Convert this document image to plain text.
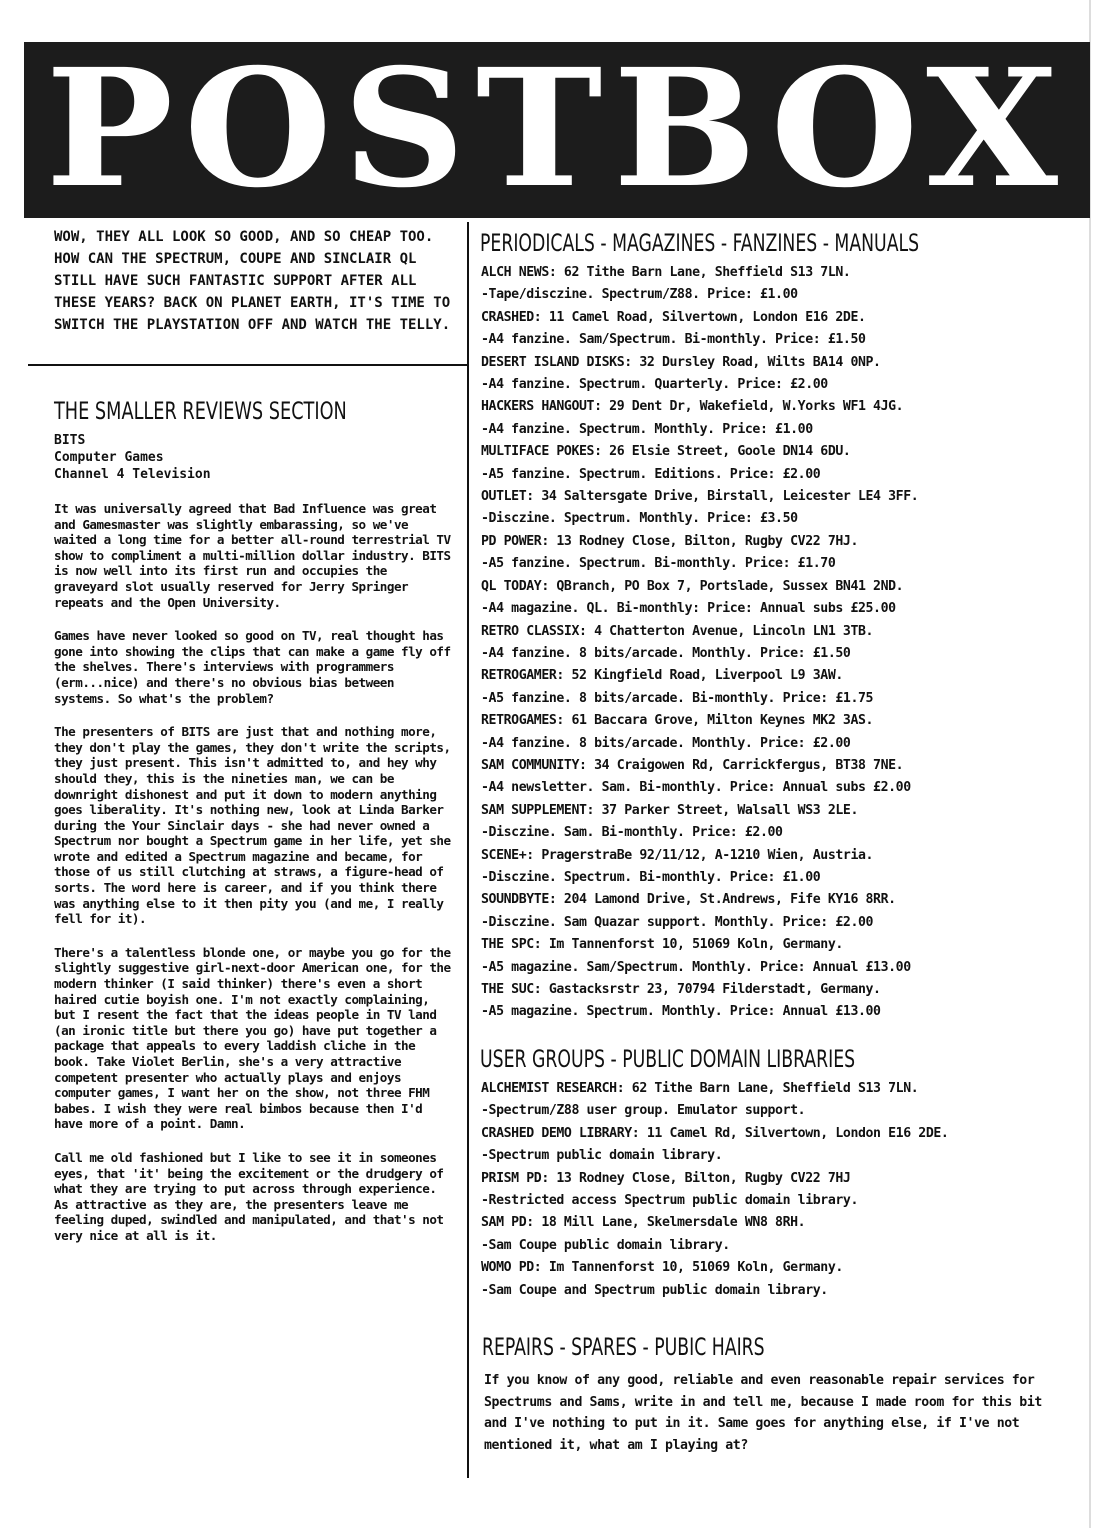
POSTBOX
WOW, THEY ALL LOOK SO GOOD, AND SO CHEAP TOO. HOW CAN THE SPECTRUM, COUPE AND SINCLAIR QL STILL HAVE SUCH FANTASTIC SUPPORT AFTER ALL THESE YEARS? BACK ON PLANET EARTH, IT'S TIME TO SWITCH THE PLAYSTATION OFF AND WATCH THE TELLY.
THE SMALLER REVIEWS SECTION
BITS
Computer Games
Channel 4 Television

It was universally agreed that Bad Influence was great and Gamesmaster was slightly embarassing, so we've waited a long time for a better all-round terrestrial TV show to compliment a multi-million dollar industry. BITS is now well into its first run and occupies the graveyard slot usually reserved for Jerry Springer repeats and the Open University.

Games have never looked so good on TV, real thought has gone into showing the clips that can make a game fly off the shelves. There's interviews with programmers (erm...nice) and there's no obvious bias between systems. So what's the problem?

The presenters of BITS are just that and nothing more, they don't play the games, they don't write the scripts, they just present. This isn't admitted to, and hey why should they, this is the nineties man, we can be downright dishonest and put it down to modern anything goes liberality. It's nothing new, look at Linda Barker during the Your Sinclair days - she had never owned a Spectrum nor bought a Spectrum game in her life, yet she wrote and edited a Spectrum magazine and became, for those of us still clutching at straws, a figure-head of sorts. The word here is career, and if you think there was anything else to it then pity you (and me, I really fell for it).

There's a talentless blonde one, or maybe you go for the slightly suggestive girl-next-door American one, for the modern thinker (I said thinker) there's even a short haired cutie boyish one. I'm not exactly complaining, but I resent the fact that the ideas people in TV land (an ironic title but there you go) have put together a package that appeals to every laddish cliche in the book. Take Violet Berlin, she's a very attractive competent presenter who actually plays and enjoys computer games, I want her on the show, not three FHM babes. I wish they were real bimbos because then I'd have more of a point. Damn.

Call me old fashioned but I like to see it in someones eyes, that 'it' being the excitement or the drudgery of what they are trying to put across through experience. As attractive as they are, the presenters leave me feeling duped, swindled and manipulated, and that's not very nice at all is it.

PERIODICALS - MAGAZINES - FANZINES - MANUALS
ALCH NEWS: 62 Tithe Barn Lane, Sheffield S13 7LN.
-Tape/disczine. Spectrum/Z88. Price: £1.00
CRASHED: 11 Camel Road, Silvertown, London E16 2DE.
-A4 fanzine. Sam/Spectrum. Bi-monthly. Price: £1.50
DESERT ISLAND DISKS: 32 Dursley Road, Wilts BA14 0NP.
-A4 fanzine. Spectrum. Quarterly. Price: £2.00
HACKERS HANGOUT: 29 Dent Dr, Wakefield, W.Yorks WF1 4JG.
-A4 fanzine. Spectrum. Monthly. Price: £1.00
MULTIFACE POKES: 26 Elsie Street, Goole DN14 6DU.
-A5 fanzine. Spectrum. Editions. Price: £2.00
OUTLET: 34 Saltersgate Drive, Birstall, Leicester LE4 3FF.
-Disczine. Spectrum. Monthly. Price: £3.50
PD POWER: 13 Rodney Close, Bilton, Rugby CV22 7HJ.
-A5 fanzine. Spectrum. Bi-monthly. Price: £1.70
QL TODAY: QBranch, PO Box 7, Portslade, Sussex BN41 2ND.
-A4 magazine. QL. Bi-monthly: Price: Annual subs £25.00
RETRO CLASSIX: 4 Chatterton Avenue, Lincoln LN1 3TB.
-A4 fanzine. 8 bits/arcade. Monthly. Price: £1.50
RETROGAMER: 52 Kingfield Road, Liverpool L9 3AW.
-A5 fanzine. 8 bits/arcade. Bi-monthly. Price: £1.75
RETROGAMES: 61 Baccara Grove, Milton Keynes MK2 3AS.
-A4 fanzine. 8 bits/arcade. Monthly. Price: £2.00
SAM COMMUNITY: 34 Craigowen Rd, Carrickfergus, BT38 7NE.
-A4 newsletter. Sam. Bi-monthly. Price: Annual subs £2.00
SAM SUPPLEMENT: 37 Parker Street, Walsall WS3 2LE.
-Disczine. Sam. Bi-monthly. Price: £2.00
SCENE+: PragerstraBe 92/11/12, A-1210 Wien, Austria.
-Disczine. Spectrum. Bi-monthly. Price: £1.00
SOUNDBYTE: 204 Lamond Drive, St.Andrews, Fife KY16 8RR.
-Disczine. Sam Quazar support. Monthly. Price: £2.00
THE SPC: Im Tannenforst 10, 51069 Koln, Germany.
-A5 magazine. Sam/Spectrum. Monthly. Price: Annual £13.00
THE SUC: Gastacksrstr 23, 70794 Filderstadt, Germany.
-A5 magazine. Spectrum. Monthly. Price: Annual £13.00
USER GROUPS - PUBLIC DOMAIN LIBRARIES
ALCHEMIST RESEARCH: 62 Tithe Barn Lane, Sheffield S13 7LN.
-Spectrum/Z88 user group. Emulator support.
CRASHED DEMO LIBRARY: 11 Camel Rd, Silvertown, London E16 2DE.
-Spectrum public domain library.
PRISM PD: 13 Rodney Close, Bilton, Rugby CV22 7HJ
-Restricted access Spectrum public domain library.
SAM PD: 18 Mill Lane, Skelmersdale WN8 8RH.
-Sam Coupe public domain library.
WOMO PD: Im Tannenforst 10, 51069 Koln, Germany.
-Sam Coupe and Spectrum public domain library.
REPAIRS - SPARES - PUBIC HAIRS
If you know of any good, reliable and even reasonable repair services for Spectrums and Sams, write in and tell me, because I made room for this bit and I've nothing to put in it. Same goes for anything else, if I've not mentioned it, what am I playing at?
